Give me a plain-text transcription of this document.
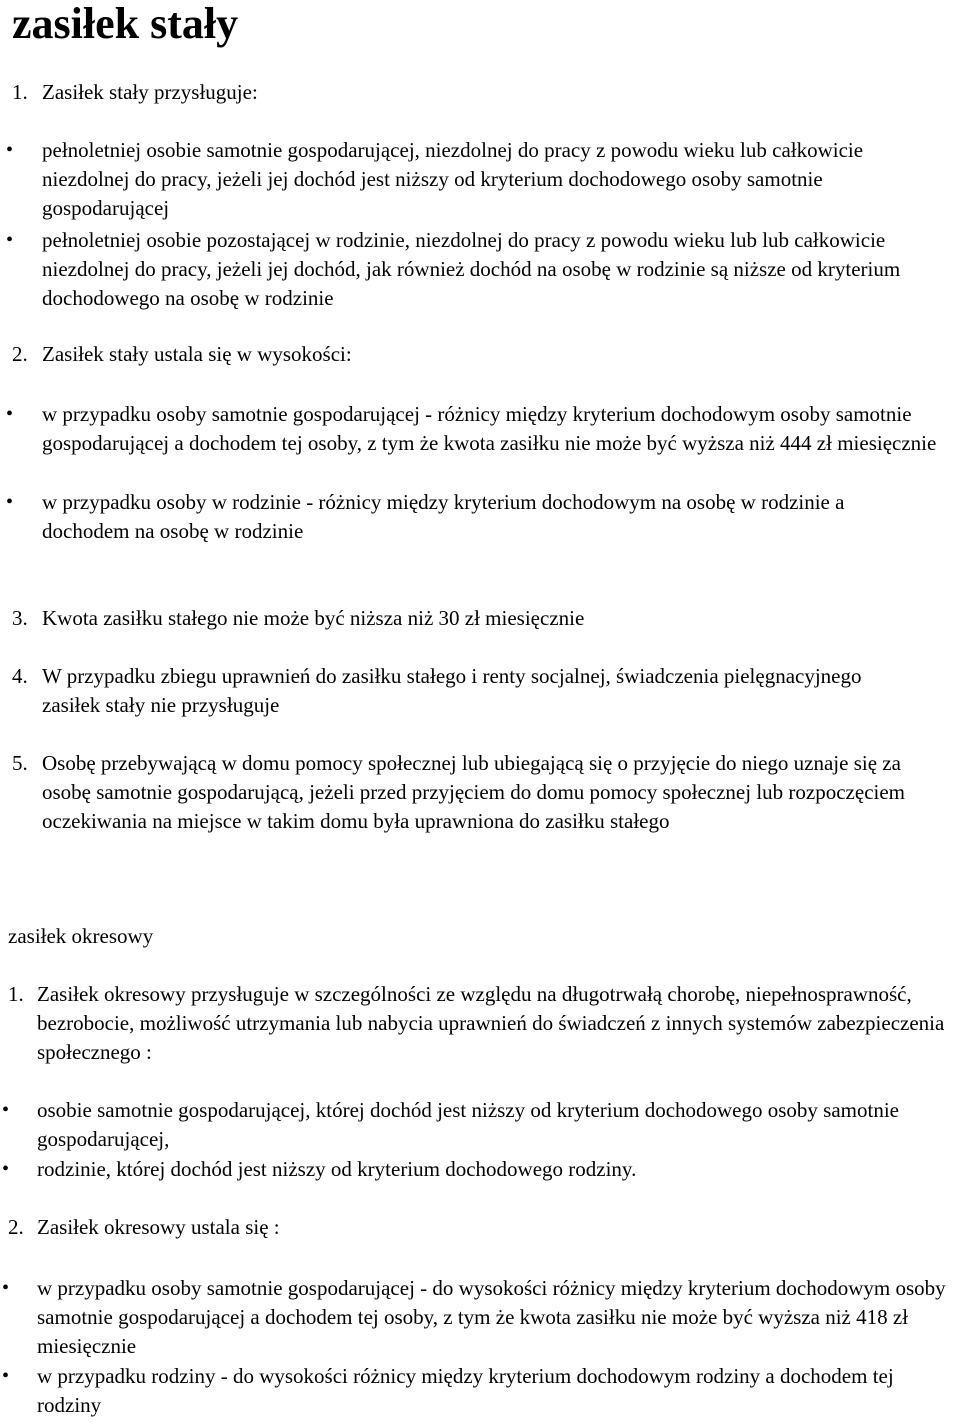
zasiłek stały
1. Zasiłek stały przysługuje:
• pełnoletniej osobie samotnie gospodarującej, niezdolnej do pracy z powodu wieku lub całkowicie niezdolnej do pracy, jeżeli jej dochód jest niższy od kryterium dochodowego osoby samotnie gospodarującej

• pełnoletniej osobie pozostającej w rodzinie, niezdolnej do pracy z powodu wieku lub lub całkowicie niezdolnej do pracy, jeżeli jej dochód, jak również dochód na osobę w rodzinie są niższe od kryterium dochodowego na osobę w rodzinie

2. Zasiłek stały ustala się w wysokości:
• w przypadku osoby samotnie gospodarującej - różnicy między kryterium dochodowym osoby samotnie gospodarującej a dochodem tej osoby, z tym że kwota zasiłku nie może być wyższa niż 444 zł miesięcznie

• w przypadku osoby w rodzinie - różnicy między kryterium dochodowym na osobę w rodzinie a dochodem na osobę w rodzinie

3. Kwota zasiłku stałego nie może być niższa niż 30 zł miesięcznie
4. W przypadku zbiegu uprawnień do zasiłku stałego i renty socjalnej, świadczenia pielęgnacyjnego zasiłek stały nie przysługuje

5. Osobę przebywającą w domu pomocy społecznej lub ubiegającą się o przyjęcie do niego uznaje się za osobę samotnie gospodarującą, jeżeli przed przyjęciem do domu pomocy społecznej lub rozpoczęciem oczekiwania na miejsce w takim domu była uprawniona do zasiłku stałego

zasiłek okresowy
1. Zasiłek okresowy przysługuje w szczególności ze względu na długotrwałą chorobę, niepełnosprawność, bezrobocie, możliwość utrzymania lub nabycia uprawnień do świadczeń z innych systemów zabezpieczenia społecznego :

• osobie samotnie gospodarującej, której dochód jest niższy od kryterium dochodowego osoby samotnie gospodarującej,

• rodzinie, której dochód jest niższy od kryterium dochodowego rodziny.

2. Zasiłek okresowy ustala się :
• w przypadku osoby samotnie gospodarującej - do wysokości różnicy między kryterium dochodowym osoby samotnie gospodarującej a dochodem tej osoby, z tym że kwota zasiłku nie może być wyższa niż 418 zł miesięcznie

• w przypadku rodziny - do wysokości różnicy między kryterium dochodowym rodziny a dochodem tej rodziny
